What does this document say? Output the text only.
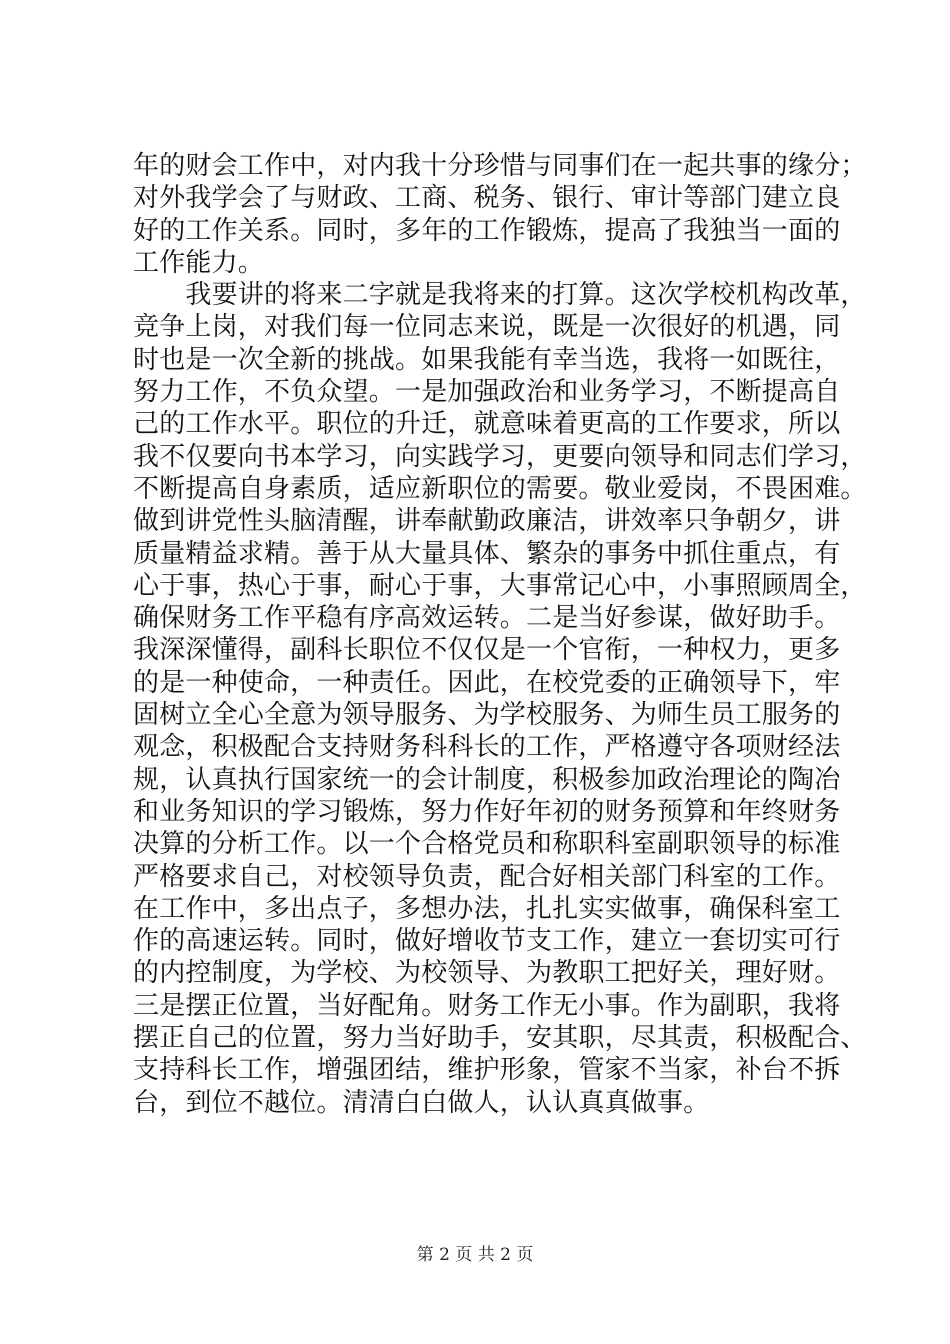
年的财会工作中，对内我十分珍惜与同事们在一起共事的缘分；
对外我学会了与财政、工商、税务、银行、审计等部门建立良
好的工作关系。同时，多年的工作锻炼，提高了我独当一面的
工作能力。
　　我要讲的将来二字就是我将来的打算。这次学校机构改革，
竞争上岗，对我们每一位同志来说，既是一次很好的机遇，同
时也是一次全新的挑战。如果我能有幸当选，我将一如既往，
努力工作，不负众望。一是加强政治和业务学习，不断提高自
己的工作水平。职位的升迁，就意味着更高的工作要求，所以
我不仅要向书本学习，向实践学习，更要向领导和同志们学习，
不断提高自身素质，适应新职位的需要。敬业爱岗，不畏困难。
做到讲党性头脑清醒，讲奉献勤政廉洁，讲效率只争朝夕，讲
质量精益求精。善于从大量具体、繁杂的事务中抓住重点，有
心于事，热心于事，耐心于事，大事常记心中，小事照顾周全，
确保财务工作平稳有序高效运转。二是当好参谋，做好助手。
我深深懂得，副科长职位不仅仅是一个官衔，一种权力，更多
的是一种使命，一种责任。因此，在校党委的正确领导下，牢
固树立全心全意为领导服务、为学校服务、为师生员工服务的
观念，积极配合支持财务科科长的工作，严格遵守各项财经法
规，认真执行国家统一的会计制度，积极参加政治理论的陶冶
和业务知识的学习锻炼，努力作好年初的财务预算和年终财务
决算的分析工作。以一个合格党员和称职科室副职领导的标准
严格要求自己，对校领导负责，配合好相关部门科室的工作。
在工作中，多出点子，多想办法，扎扎实实做事，确保科室工
作的高速运转。同时，做好增收节支工作，建立一套切实可行
的内控制度，为学校、为校领导、为教职工把好关，理好财。
三是摆正位置，当好配角。财务工作无小事。作为副职，我将
摆正自己的位置，努力当好助手，安其职，尽其责，积极配合、
支持科长工作，增强团结，维护形象，管家不当家，补台不拆
台，到位不越位。清清白白做人，认认真真做事。
第 2 页 共 2 页
